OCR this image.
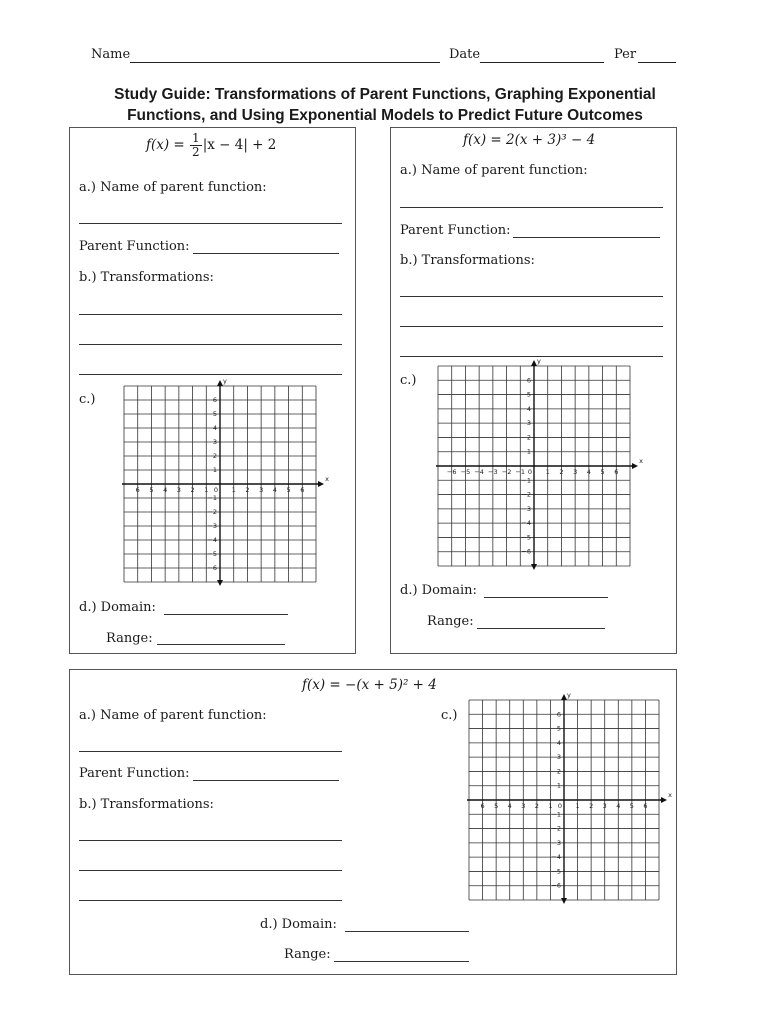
Name	Date	Per
Study Guide: Transformations of Parent Functions, Graphing Exponential
Functions, and Using Exponential Models to Predict Future Outcomes
$f(x) = \frac{1}{2} |x - 4| + 2$
a.) Name of parent function:
Parent Function:
b.) Transformations:
c.)
x
y
6 5 4 3 2 1 0 1 2 3 4 5 6
6
5
4
3
2
1
−1
−2
−3
−4
−5
−6
d.) Domain:
Range:
f(x) = 2(x + 3)³ − 4
a.) Name of parent function:
Parent Function:
b.) Transformations:
c.)
x
y
−6 −5 −4 −3 −2 −1 0 1 2 3 4 5 6
6
5
4
3
2
1
−1
−2
−3
−4
−5
−6
d.) Domain:
Range:
f(x) = −(x + 5)² + 4
a.) Name of parent function:
Parent Function:
b.) Transformations:
c.)
x
y
6 5 4 3 2 1 0 1 2 3 4 5 6
6
5
4
3
2
1
−1
−2
−3
−4
−5
−6
d.) Domain:
Range:
